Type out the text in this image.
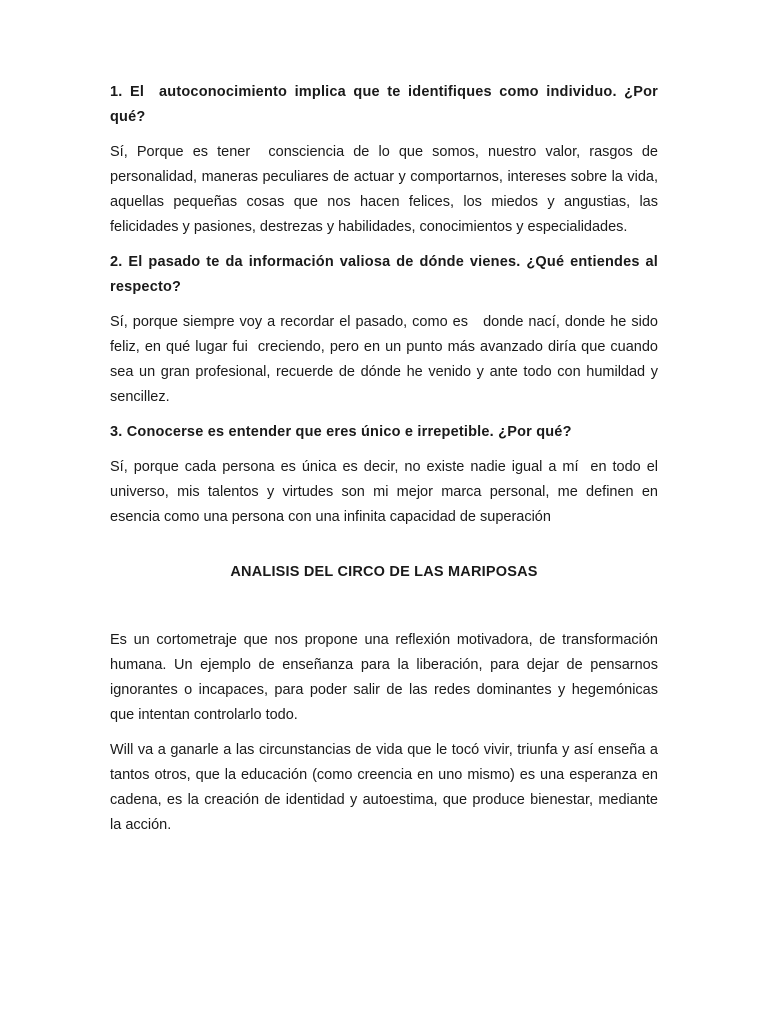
1. El  autoconocimiento implica que te identifiques como individuo. ¿Por qué?

Sí, Porque es tener  consciencia de lo que somos, nuestro valor, rasgos de personalidad, maneras peculiares de actuar y comportarnos, intereses sobre la vida, aquellas pequeñas cosas que nos hacen felices, los miedos y angustias, las felicidades y pasiones, destrezas y habilidades, conocimientos y especialidades.

2. El pasado te da información valiosa de dónde vienes. ¿Qué entiendes al respecto?

Sí, porque siempre voy a recordar el pasado, como es   donde nací, donde he sido feliz, en qué lugar fui  creciendo, pero en un punto más avanzado diría que cuando sea un gran profesional, recuerde de dónde he venido y ante todo con humildad y sencillez.

3. Conocerse es entender que eres único e irrepetible. ¿Por qué?

Sí, porque cada persona es única es decir, no existe nadie igual a mí  en todo el universo, mis talentos y virtudes son mi mejor marca personal, me definen en esencia como una persona con una infinita capacidad de superación

ANALISIS DEL CIRCO DE LAS MARIPOSAS

Es un cortometraje que nos propone una reflexión motivadora, de transformación humana. Un ejemplo de enseñanza para la liberación, para dejar de pensarnos ignorantes o incapaces, para poder salir de las redes dominantes y hegemónicas que intentan controlarlo todo.

Will va a ganarle a las circunstancias de vida que le tocó vivir, triunfa y así enseña a tantos otros, que la educación (como creencia en uno mismo) es una esperanza en cadena, es la creación de identidad y autoestima, que produce bienestar, mediante la acción.
